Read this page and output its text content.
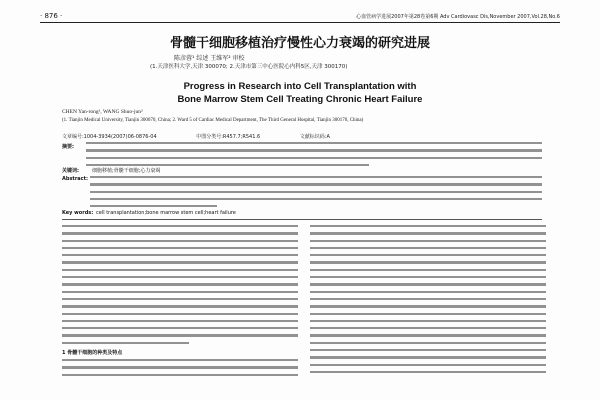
· 876 ·	心血管病学进展2007年第28卷第6期 Adv Cardiovasc Dis,November 2007,Vol.28,No.6
骨髓干细胞移植治疗慢性心力衰竭的研究进展
陈彦蓉¹ 综述 王维军² 审校
(1.天津医科大学,天津 300070; 2.天津市第三中心医院心内科5区,天津 300170)
Progress in Research into Cell Transplantation with
Bone Marrow Stem Cell Treating Chronic Heart Failure
CHEN Yan-rong¹, WANG Shuo-jun²
(1. Tianjin Medical University, Tianjin 300070, China; 2. Ward 5 of Cardiac Medical Department, The Third General Hospital, Tianjin 300170, China)
文章编号:1004-3934(2007)06-0876-04	中图分类号:R457.7;R541.6	文献标识码:A
摘要:
关键词:	细胞移植;骨髓干细胞;心力衰竭
Abstract:
Key words: cell transplantation;bone marrow stem cell;heart failure
1 骨髓干细胞的种类及特点
